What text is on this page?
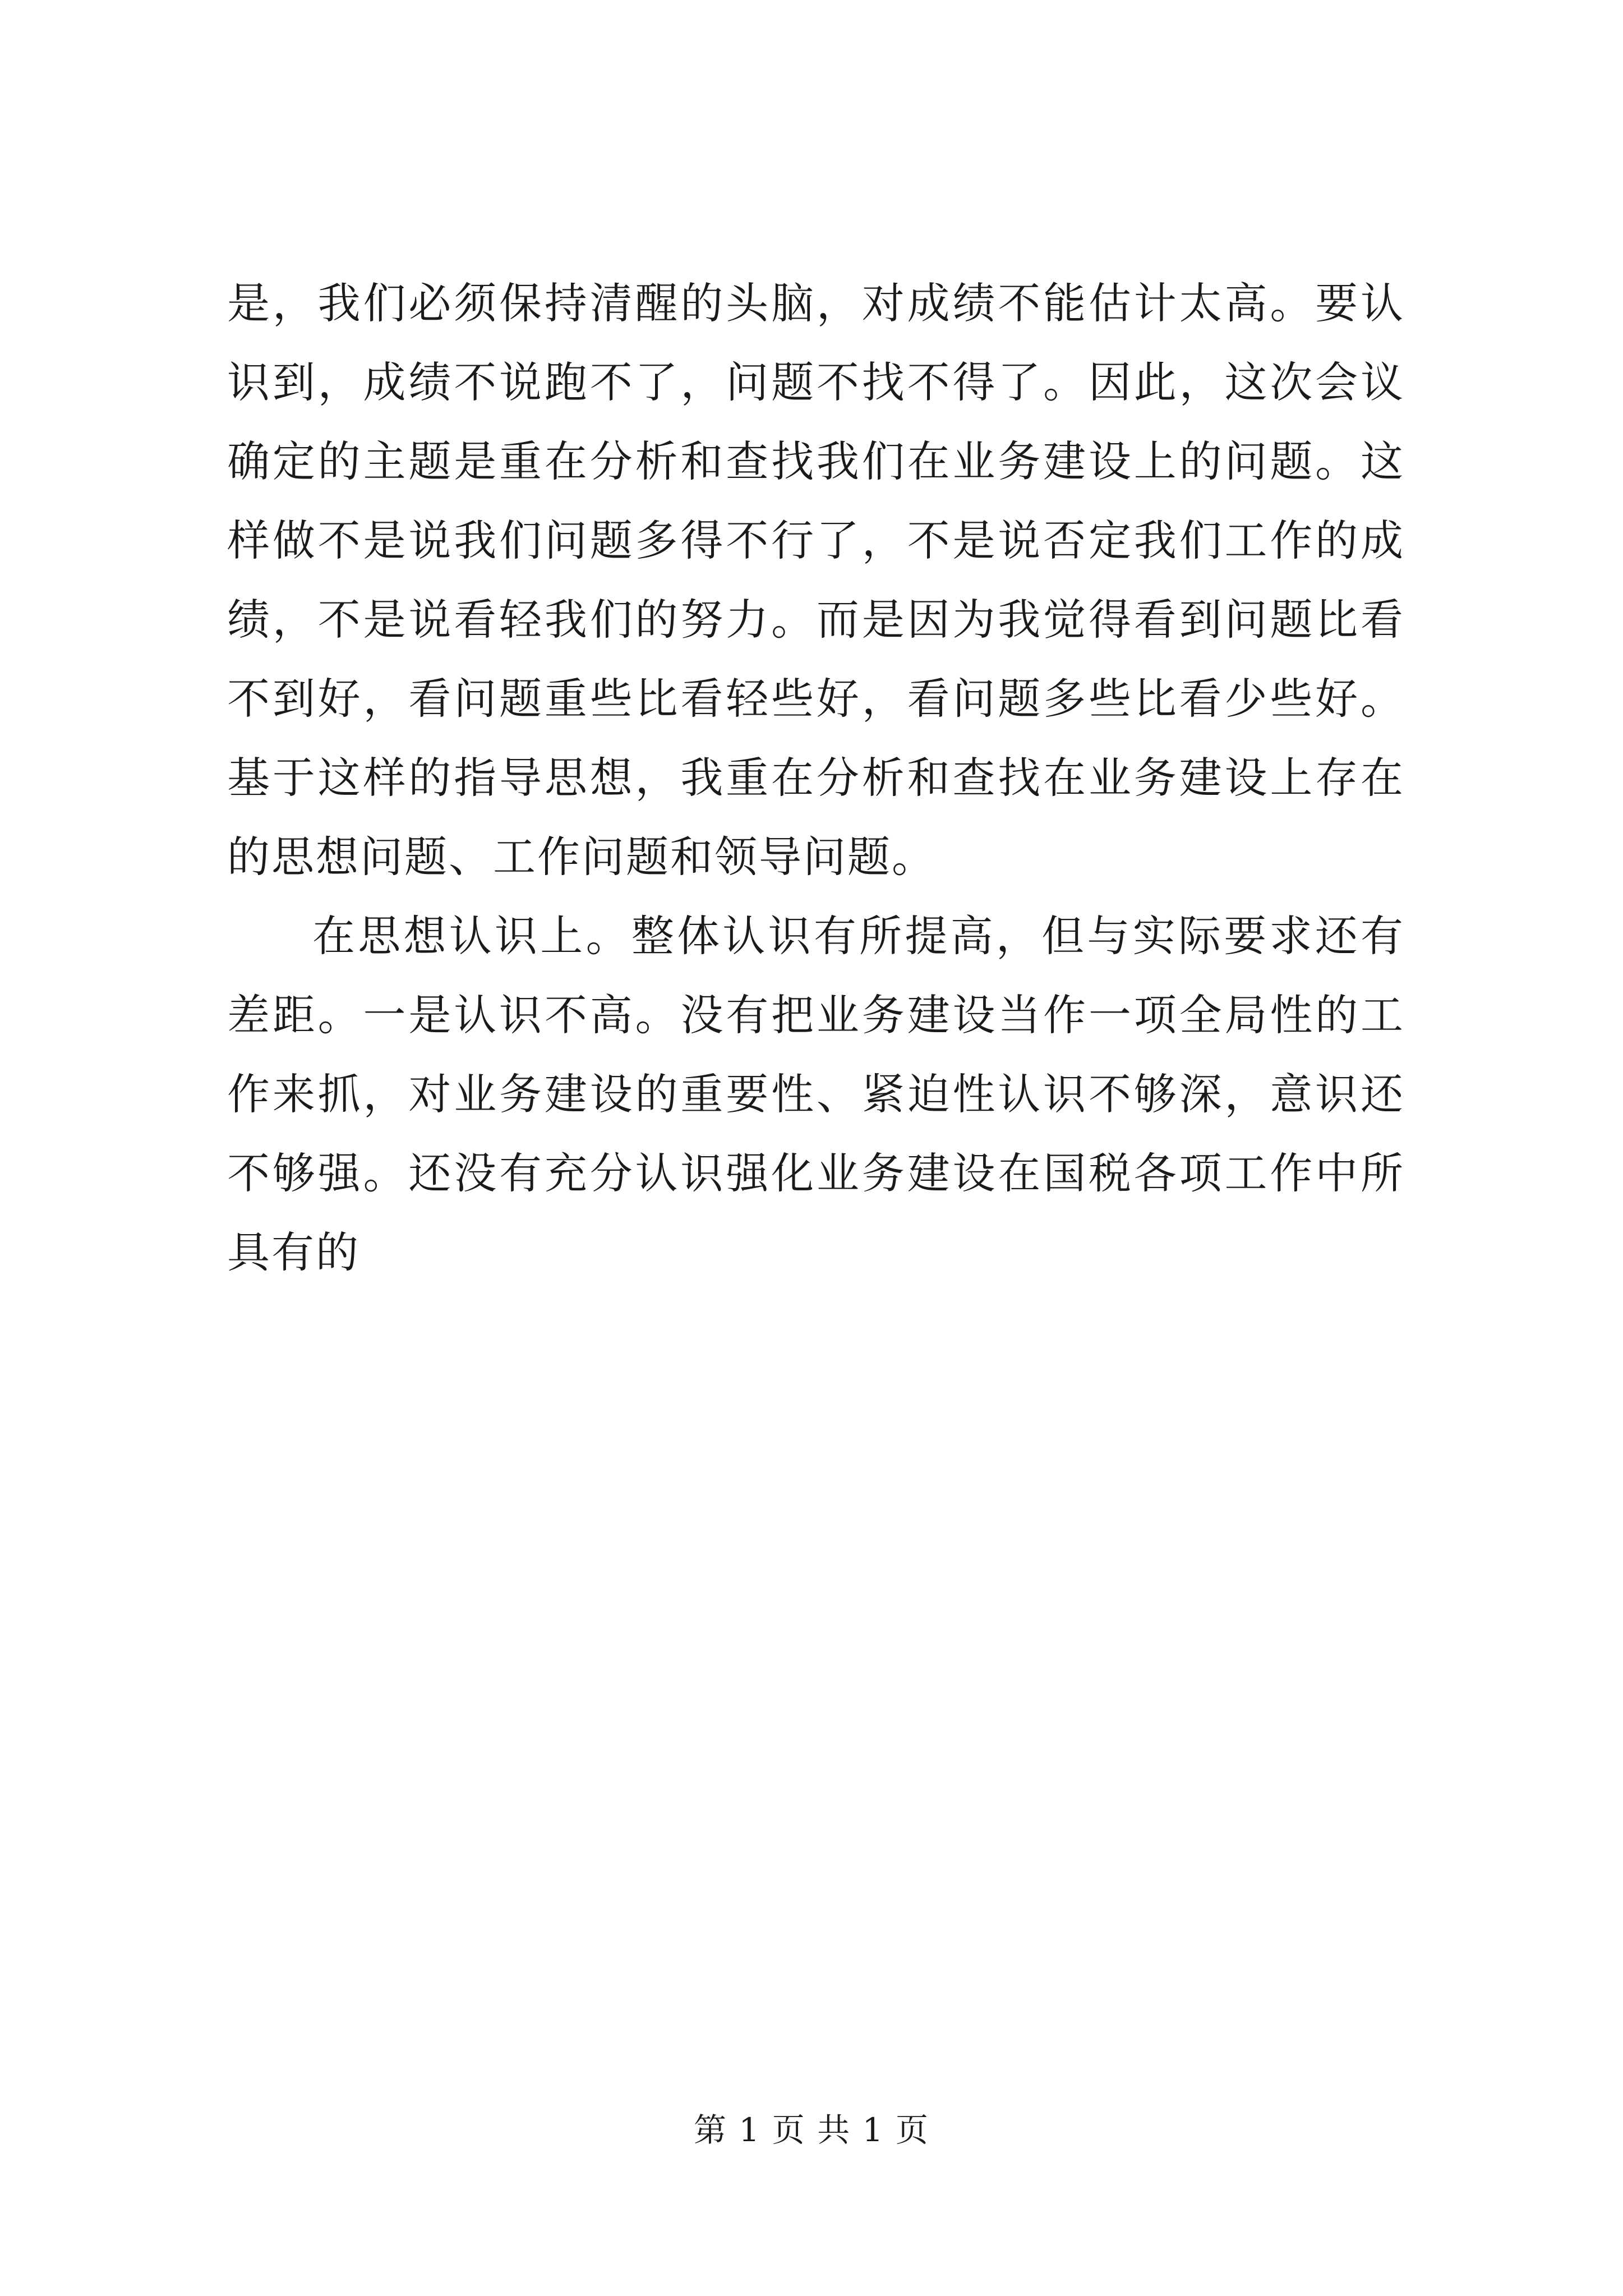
是，我们必须保持清醒的头脑，对成绩不能估计太高。要认识到，成绩不说跑不了，问题不找不得了。因此，这次会议确定的主题是重在分析和查找我们在业务建设上的问题。这样做不是说我们问题多得不行了，不是说否定我们工作的成绩，不是说看轻我们的努力。而是因为我觉得看到问题比看不到好，看问题重些比看轻些好，看问题多些比看少些好。基于这样的指导思想，我重在分析和查找在业务建设上存在的思想问题、工作问题和领导问题。

在思想认识上。整体认识有所提高，但与实际要求还有差距。一是认识不高。没有把业务建设当作一项全局性的工作来抓，对业务建设的重要性、紧迫性认识不够深，意识还不够强。还没有充分认识强化业务建设在国税各项工作中所具有的

第 1 页 共 1 页
